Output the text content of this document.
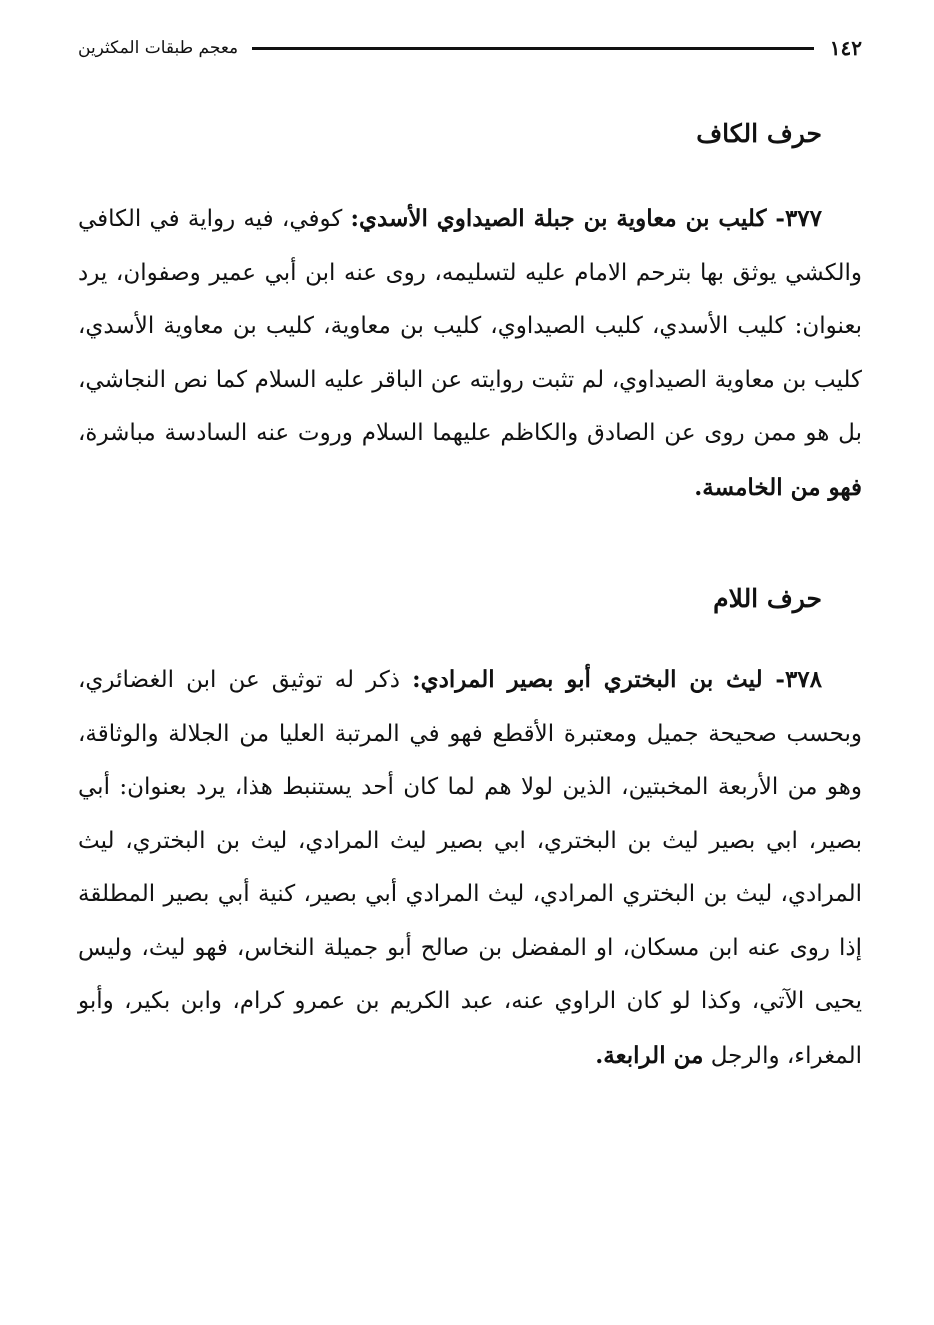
١٤٢
معجم طبقات المكثرين
حرف الكاف

٣٧٧- كليب بن معاوية بن جبلة الصيداوي الأسدي: كوفي، فيه رواية في الكافي والكشي يوثق بها بترحم الامام عليه لتسليمه، روى عنه ابن أبي عمير وصفوان، يرد بعنوان: كليب الأسدي، كليب الصيداوي، كليب بن معاوية، كليب بن معاوية الأسدي، كليب بن معاوية الصيداوي، لم تثبت روايته عن الباقر عليه السلام كما نص النجاشي، بل هو ممن روى عن الصادق والكاظم عليهما السلام وروت عنه السادسة مباشرة، فهو من الخامسة.

حرف اللام

٣٧٨- ليث بن البختري أبو بصير المرادي: ذكر له توثيق عن ابن الغضائري، وبحسب صحيحة جميل ومعتبرة الأقطع فهو في المرتبة العليا من الجلالة والوثاقة، وهو من الأربعة المخبتين، الذين لولا هم لما كان أحد يستنبط هذا، يرد بعنوان: أبي بصير، ابي بصير ليث بن البختري، ابي بصير ليث المرادي، ليث بن البختري، ليث المرادي، ليث بن البختري المرادي، ليث المرادي أبي بصير، كنية أبي بصير المطلقة إذا روى عنه ابن مسكان، او المفضل بن صالح أبو جميلة النخاس، فهو ليث، وليس يحيى الآتي، وكذا لو كان الراوي عنه، عبد الكريم بن عمرو كرام، وابن بكير، وأبو المغراء، والرجل من الرابعة.
